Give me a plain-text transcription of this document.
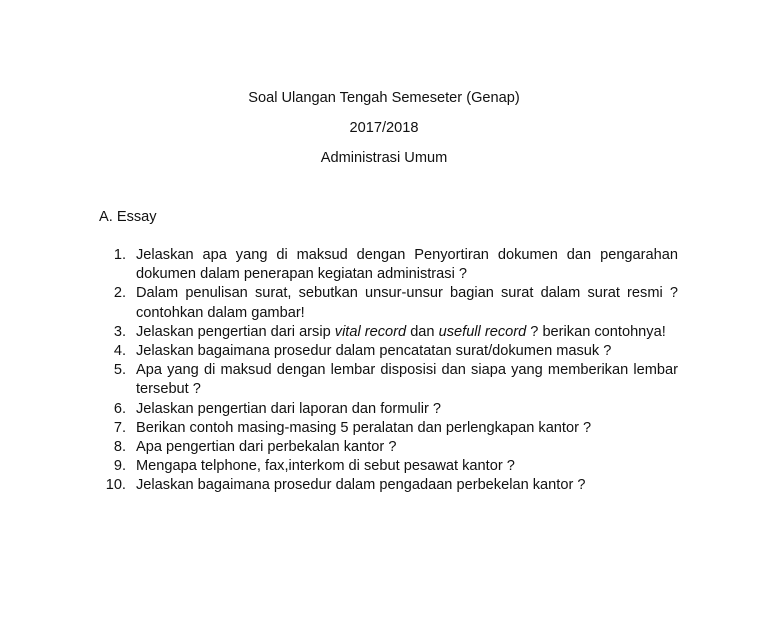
Soal Ulangan Tengah Semeseter (Genap)
2017/2018
Administrasi Umum
A. Essay
1. Jelaskan apa yang di maksud dengan Penyortiran dokumen dan pengarahan dokumen dalam penerapan kegiatan administrasi ?
2. Dalam penulisan surat, sebutkan unsur-unsur bagian surat dalam surat resmi ? contohkan dalam gambar!
3. Jelaskan pengertian dari arsip vital record dan usefull record ? berikan contohnya!
4. Jelaskan bagaimana prosedur dalam pencatatan surat/dokumen masuk ?
5. Apa yang di maksud dengan lembar disposisi dan siapa yang memberikan lembar tersebut ?
6. Jelaskan pengertian dari laporan dan formulir ?
7. Berikan contoh masing-masing 5 peralatan dan perlengkapan kantor ?
8. Apa pengertian dari perbekalan kantor ?
9. Mengapa telphone, fax,interkom di sebut pesawat kantor ?
10. Jelaskan bagaimana prosedur dalam pengadaan perbekelan kantor ?
